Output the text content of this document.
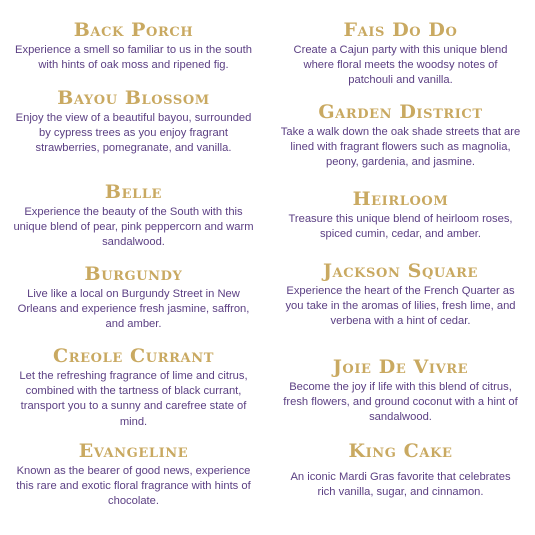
Back Porch
Experience a smell so familiar to us in the south with hints of oak moss and ripened fig.
Bayou Blossom
Enjoy the view of a beautiful bayou, surrounded by cypress trees as you enjoy fragrant strawberries, pomegranate, and vanilla.
Belle
Experience the beauty of the South with this unique blend of pear, pink peppercorn and warm sandalwood.
Burgundy
Live like a local on Burgundy Street in New Orleans and experience fresh jasmine, saffron, and amber.
Creole Currant
Let the refreshing fragrance of lime and citrus, combined with the tartness of black currant, transport you to a sunny and carefree state of mind.
Evangeline
Known as the bearer of good news, experience this rare and exotic floral fragrance with hints of chocolate.
Fais Do Do
Create a Cajun party with this unique blend where floral meets the woodsy notes of patchouli and vanilla.
Garden District
Take a walk down the oak shade streets that are lined with fragrant flowers such as magnolia, peony, gardenia, and jasmine.
Heirloom
Treasure this unique blend of heirloom roses, spiced cumin, cedar, and amber.
Jackson Square
Experience the heart of the French Quarter as you take in the aromas of lilies, fresh lime, and verbena with a hint of cedar.
Joie De Vivre
Become the joy if life with this blend of citrus, fresh flowers, and ground coconut with a hint of sandalwood.
King Cake
An iconic Mardi Gras favorite that celebrates rich vanilla, sugar, and cinnamon.
